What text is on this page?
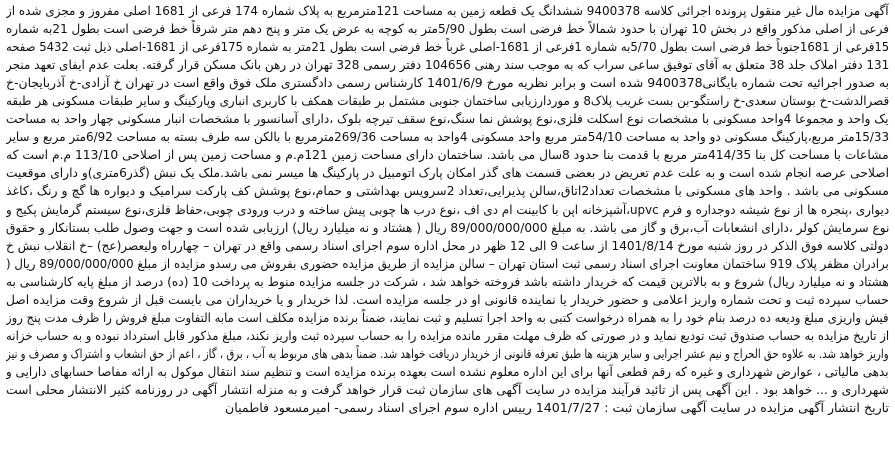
آگهی مزایده مال غیر منقول پرونده اجرائی کلاسه 9400378 ششدانگ یک قطعه زمین به مساحت 121مترمربع به پلاک شماره 174 فرعی از 1681 اصلی مفروز و مجزی شده از
فرعی از اصلی مذکور واقع در بخش 10 تهران با حدود شمالاً خط فرضی است بطول 5/90متر به کوچه به عرض یک متر و پنج دهم متر شرقاً خط فرضی است بطول 21به شماره
15فرعی از 1681جنوباً خط فرضی است بطول 5/70به شماره 1فرعی از 1681-اصلی غرباً خط فرضی است بطول 21متر به شماره 175فرعی از 1681-اصلی ذیل ثبت 5432 صفحه
131 دفتر املاک جلد 38 متعلق به آقای توفیق ساعی سراب که به موجب سند رهنی 104656 دفتر رسمی 328 تهران در رهن بانک مسکن قرار گرفته. بعلت عدم ایفای تعهد منجر
به صدور اجرائیه تحت شماره بایگانی9400378 شده است و برابر نظریه مورخ 1401/6/9 کارشناس رسمی دادگستری ملک فوق واقع است در تهران خ آزادی-خ آذربایجان-خ
قصرالدشت-خ بوستان سعدی-خ راستگو-بن بست غریب پلاک8 و موردارزیابی ساختمان جنوبی مشتمل بر طبقات همکف با کاربری انباری وپارکینگ و سایر طبقات مسکونی هر طبقه
یک واحد و مجموعا 4واحد مسکونی با مشخصات نوع اسکلت فلزی،نوع پوشش نما سنگ،نوع سقف تیرچه بلوک ،دارای آسانسور با مشخصات انبار مسکونی چهار واحد به مساحت
15/33متر مربع،پارکینگ مسکونی دو واحد به مساحت 54/10متر مربع واحد مسکونی 4واحد به مساحت 269/36مترمربع با بالکن سه طرف بسته به مساحت 6/92متر مربع و سایر
مشاعات با مساحت کل بنا 414/35متر مربع با قدمت بنا حدود 8سال می باشد. ساختمان دارای مساحت زمین 121م.م و مساحت زمین پس از اصلاحی 113/10 م.م است که
اصلاحی عرصه انجام شده است و به علت عدم تعریض در بعضی قسمت های گذر امکان پارک اتومبیل در پارکینگ ها میسر نمی باشد.ملک یک نبش (گذر6متری)و دارای موقعیت
مسکونی می باشد . واحد های مسکونی با مشخصات تعداد2اتاق،سالن پذیرایی،تعداد 2سرویس بهداشتی و حمام،نوع پوشش کف پارکت سرامیک و دیواره ها گچ و رنگ ،کاغذ
دیواری ،پنجره ها از نوع شیشه دوجداره و فرم upvc،آشپزخانه اپن با کابینت ام دی اف ،نوع درب ها چوبی پیش ساخته و درب ورودی چوبی،حفاظ فلزی،نوع سیستم گرمایش پکیج و
نوع سرمایش کولر ،دارای انشعابات آب،برق و گاز می باشد. به مبلغ 89/000/000/000 ریال ( هشتاد و نه میلیارد ریال) ارزیابی شده است و جهت وصول طلب بستانکار و حقوق
دولتی کلاسه فوق الذکر در روز شنبه مورخ 1401/8/14 از ساعت 9 الی 12 ظهر در محل اداره سوم اجرای اسناد رسمی واقع در تهران – چهارراه ولیعصر(عج) –خ انقلاب نبش خ
برادران مظفر پلاک 919 ساختمان معاونت اجرای اسناد رسمی ثبت استان تهران – سالن مزایده از طریق مزایده حضوری بفروش می رسدو مزایده از مبلغ 89/000/000/000 ریال (
هشتاد و نه میلیارد ریال) شروع و به بالاترین قیمت که خریدار داشته باشد فروخته خواهد شد ، شرکت در جلسه مزایده منوط به پرداخت 10 (ده) درصد از مبلغ پایه کارشناسی به
حساب سپرده ثبت و تحت شماره واریز اعلامی و حضور خریدار یا نماینده قانونی او در جلسه مزایده است. لذا خریدار و یا خریداران می بایست قبل از شروع وقت مزایده اصل
فیش واریزی مبلغ ودیعه ده درصد بنام خود را به همراه درخواست کتبی به واحد اجرا تسلیم و ثبت نمایند، ضمناً برنده مزایده مکلف است مابه التفاوت مبلغ فروش را ظرف مدت پنج روز
از تاریخ مزایده به حساب صندوق ثبت تودیع نماید و در صورتی که ظرف مهلت مقرر مانده مزایده را به حساب سپرده ثبت واریز نکند، مبلغ مذکور قابل استرداد نبوده و به حساب خزانه
واریز خواهد شد. به علاوه حق الحراج و نیم عشر اجرایی و سایر هزینه ها طبق تعرفه قانونی از خریدار دریافت خواهد شد. ضمناً بدهی های مربوط به آب ، برق ، گاز ، اعم از حق انشعاب و اشتراک و مصرف و نیز
بدهی مالیاتی ، عوارض شهرداری و غیره که رقم قطعی آنها برای این اداره معلوم نشده است بعهده برنده مزایده است و تنظیم سند انتقال موکول به ارائه مفاصا حسابهای دارایی و
شهرداری و ... خواهد بود . این آگهی پس از تائید فرآیند مزایده در سایت آگهی های سازمان ثبت قرار خواهد گرفت و به منزله انتشار آگهی در روزنامه کثیر الانتشار محلی است
تاریخ انتشار آگهی مزایده در سایت آگهی سازمان ثبت : 1401/7/27 رییس اداره سوم اجرای اسناد رسمی- امیرمسعود فاطمیان
